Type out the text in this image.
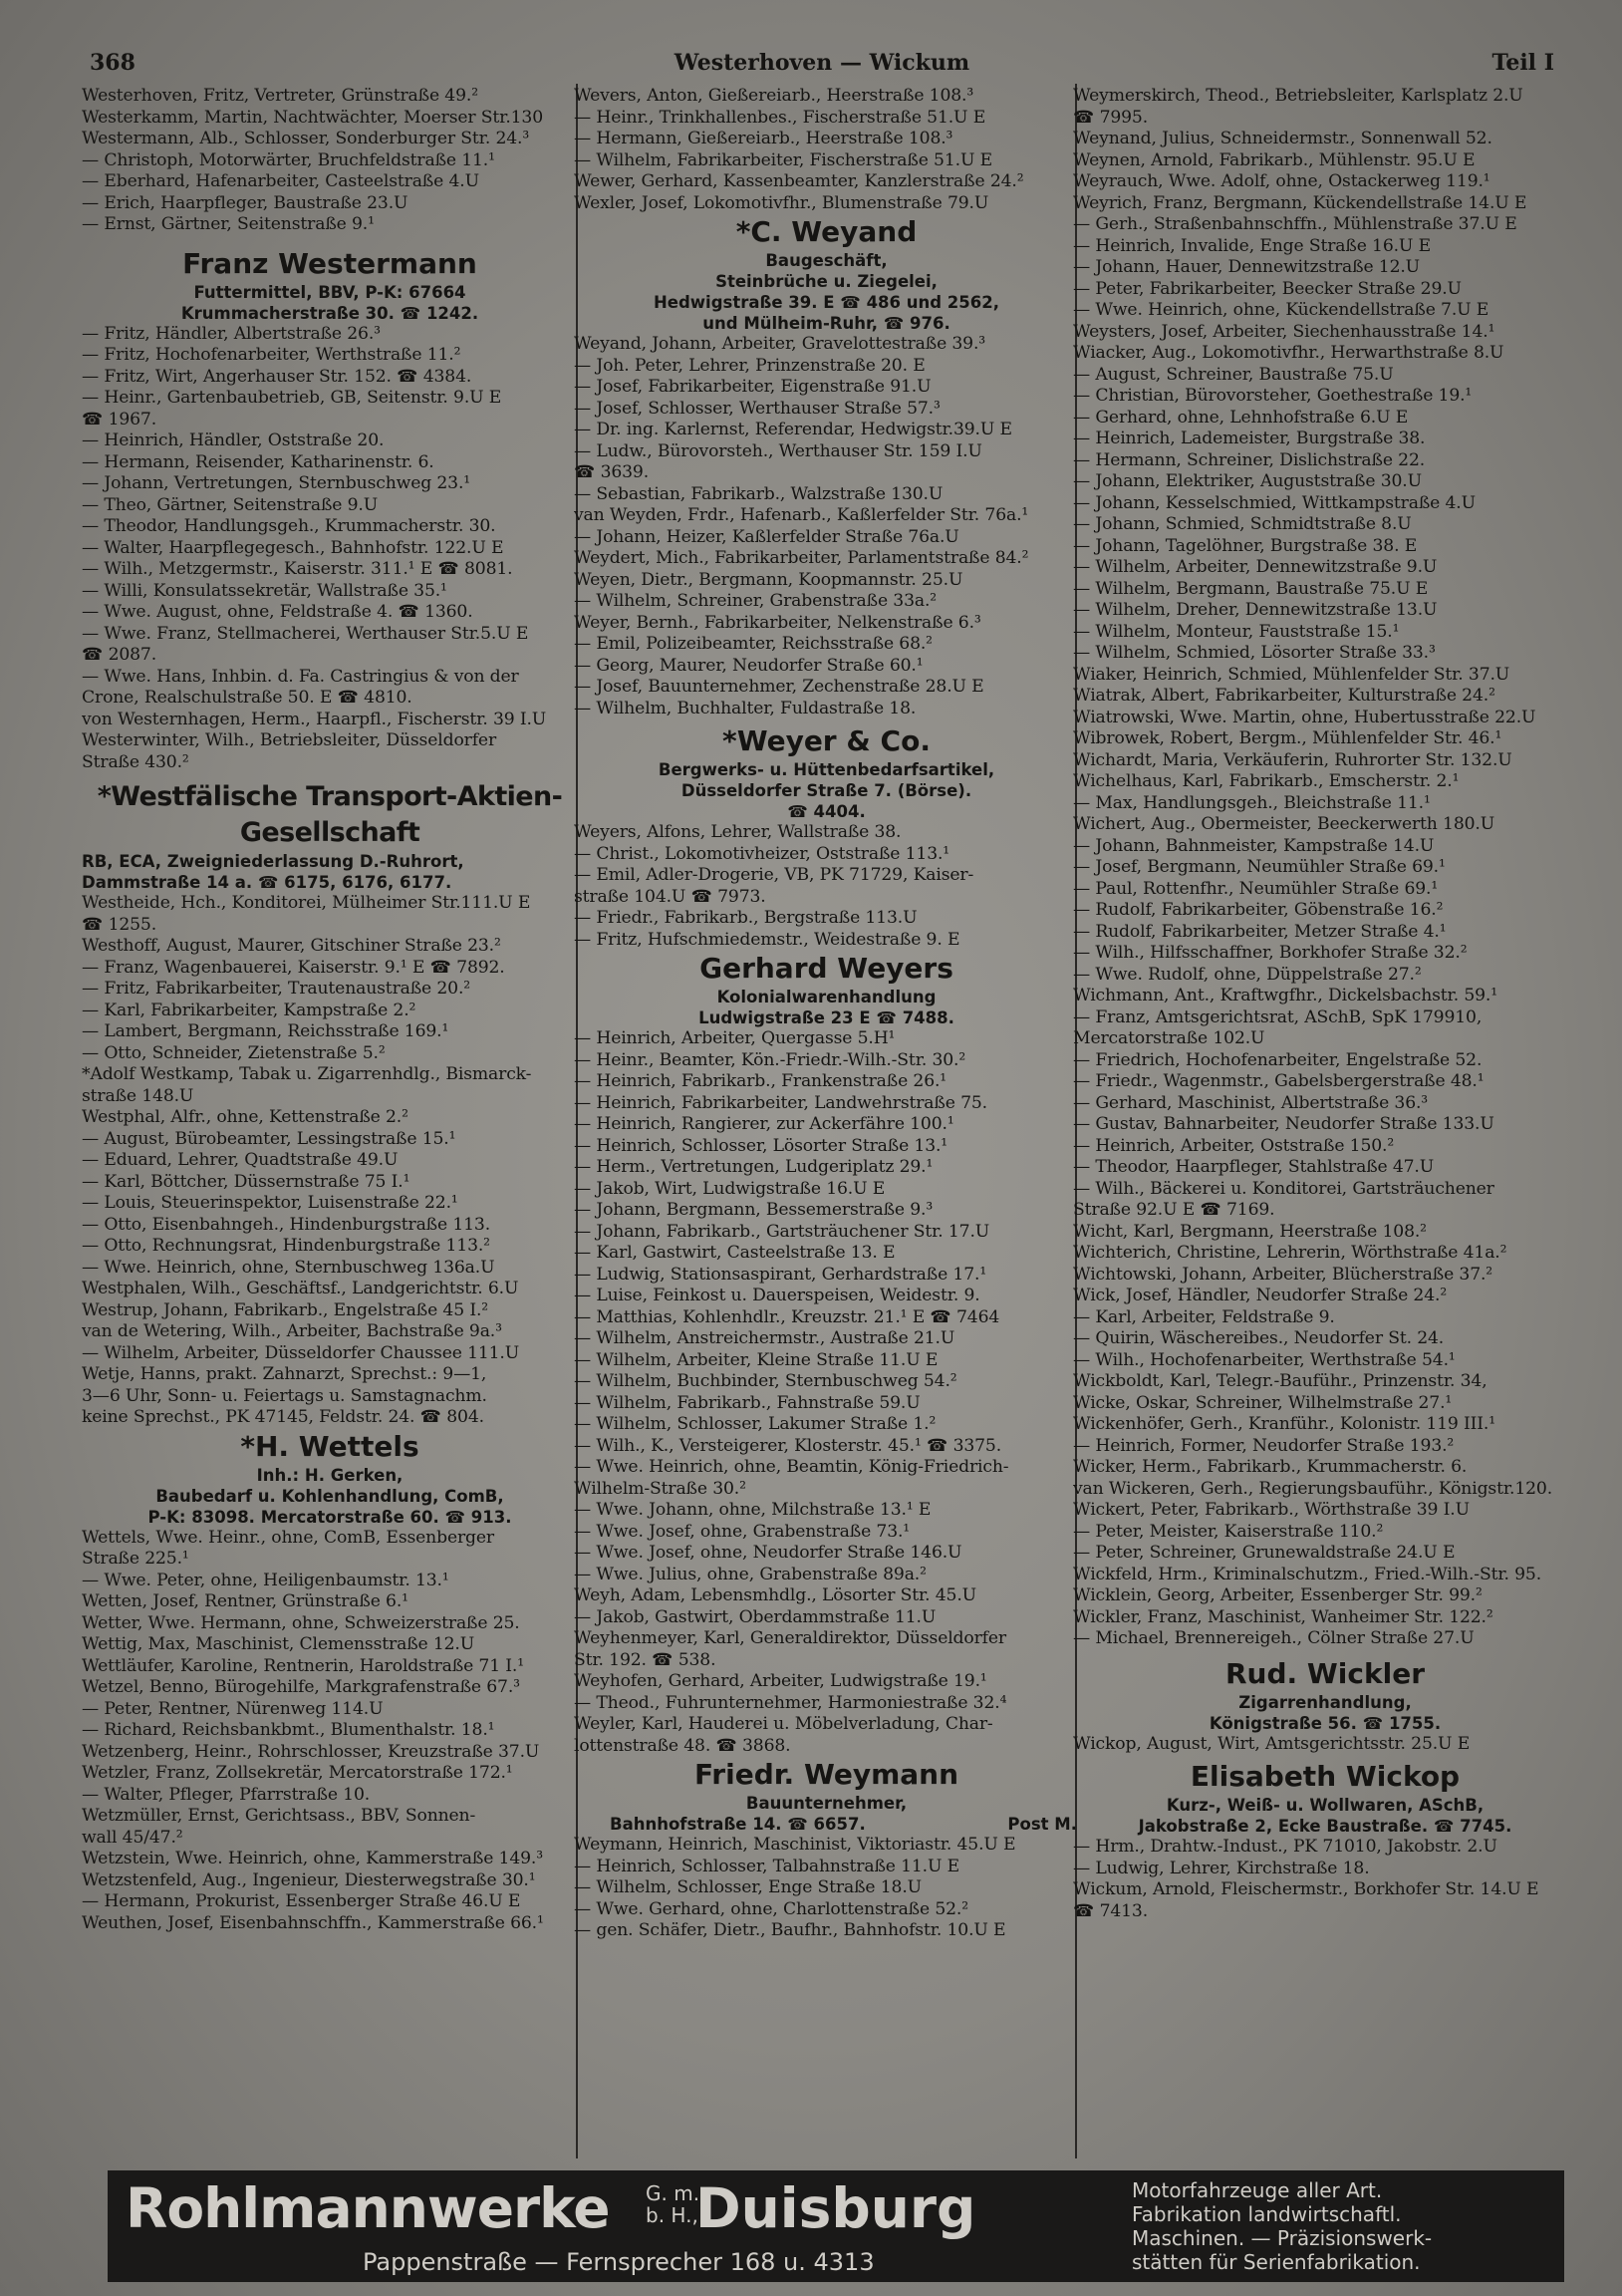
368	Westerhoven — Wickum	Teil I
Westerhoven, Fritz, Vertreter, Grünstraße 49.²
Westerkamm, Martin, Nachtwächter, Moerser Str.130
Westermann, Alb., Schlosser, Sonderburger Str. 24.³
— Christoph, Motorwärter, Bruchfeldstraße 11.¹
— Eberhard, Hafenarbeiter, Casteelstraße 4.U
— Erich, Haarpfleger, Baustraße 23.U
— Ernst, Gärtner, Seitenstraße 9.¹
Franz Westermann
Futtermittel, BBV, P-K: 67664
Krummacherstraße 30. ☎ 1242.
— Fritz, Händler, Albertstraße 26.³
— Fritz, Hochofenarbeiter, Werthstraße 11.²
— Fritz, Wirt, Angerhauser Str. 152. ☎ 4384.
— Heinr., Gartenbaubetrieb, GB, Seitenstr. 9.U E
☎ 1967.
— Heinrich, Händler, Oststraße 20.
— Hermann, Reisender, Katharinenstr. 6.
— Johann, Vertretungen, Sternbuschweg 23.¹
— Theo, Gärtner, Seitenstraße 9.U
— Theodor, Handlungsgeh., Krummacherstr. 30.
— Walter, Haarpflegegesch., Bahnhofstr. 122.U E
— Wilh., Metzgermstr., Kaiserstr. 311.¹ E ☎ 8081.
— Willi, Konsulatssekretär, Wallstraße 35.¹
— Wwe. August, ohne, Feldstraße 4. ☎ 1360.
— Wwe. Franz, Stellmacherei, Werthauser Str.5.U E
☎ 2087.
— Wwe. Hans, Inhbin. d. Fa. Castringius & von der
Crone, Realschulstraße 50. E ☎ 4810.
von Westernhagen, Herm., Haarpfl., Fischerstr. 39 I.U
Westerwinter, Wilh., Betriebsleiter, Düsseldorfer
Straße 430.²
*Westfälische Transport-Aktien-
Gesellschaft
RB, ECA, Zweigniederlassung D.-Ruhrort,
Dammstraße 14 a. ☎ 6175, 6176, 6177.
Westheide, Hch., Konditorei, Mülheimer Str.111.U E
☎ 1255.
Westhoff, August, Maurer, Gitschiner Straße 23.²
— Franz, Wagenbauerei, Kaiserstr. 9.¹ E ☎ 7892.
— Fritz, Fabrikarbeiter, Trautenaustraße 20.²
— Karl, Fabrikarbeiter, Kampstraße 2.²
— Lambert, Bergmann, Reichsstraße 169.¹
— Otto, Schneider, Zietenstraße 5.²
*Adolf Westkamp, Tabak u. Zigarrenhdlg., Bismarck-
straße 148.U
Westphal, Alfr., ohne, Kettenstraße 2.²
— August, Bürobeamter, Lessingstraße 15.¹
— Eduard, Lehrer, Quadtstraße 49.U
— Karl, Böttcher, Düssernstraße 75 I.¹
— Louis, Steuerinspektor, Luisenstraße 22.¹
— Otto, Eisenbahngeh., Hindenburgstraße 113.
— Otto, Rechnungsrat, Hindenburgstraße 113.²
— Wwe. Heinrich, ohne, Sternbuschweg 136a.U
Westphalen, Wilh., Geschäftsf., Landgerichtstr. 6.U
Westrup, Johann, Fabrikarb., Engelstraße 45 I.²
van de Wetering, Wilh., Arbeiter, Bachstraße 9a.³
— Wilhelm, Arbeiter, Düsseldorfer Chaussee 111.U
Wetje, Hanns, prakt. Zahnarzt, Sprechst.: 9—1,
3—6 Uhr, Sonn- u. Feiertags u. Samstagnachm.
keine Sprechst., PK 47145, Feldstr. 24. ☎ 804.
*H. Wettels
Inh.: H. Gerken,
Baubedarf u. Kohlenhandlung, ComB,
P-K: 83098. Mercatorstraße 60. ☎ 913.
Wettels, Wwe. Heinr., ohne, ComB, Essenberger
Straße 225.¹
— Wwe. Peter, ohne, Heiligenbaumstr. 13.¹
Wetten, Josef, Rentner, Grünstraße 6.¹
Wetter, Wwe. Hermann, ohne, Schweizerstraße 25.
Wettig, Max, Maschinist, Clemensstraße 12.U
Wettläufer, Karoline, Rentnerin, Haroldstraße 71 I.¹
Wetzel, Benno, Bürogehilfe, Markgrafenstraße 67.³
— Peter, Rentner, Nürenweg 114.U
— Richard, Reichsbankbmt., Blumenthalstr. 18.¹
Wetzenberg, Heinr., Rohrschlosser, Kreuzstraße 37.U
Wetzler, Franz, Zollsekretär, Mercatorstraße 172.¹
— Walter, Pfleger, Pfarrstraße 10.
Wetzmüller, Ernst, Gerichtsass., BBV, Sonnen-
wall 45/47.²
Wetzstein, Wwe. Heinrich, ohne, Kammerstraße 149.³
Wetzstenfeld, Aug., Ingenieur, Diesterwegstraße 30.¹
— Hermann, Prokurist, Essenberger Straße 46.U E
Weuthen, Josef, Eisenbahnschffn., Kammerstraße 66.¹
Wevers, Anton, Gießereiarb., Heerstraße 108.³
— Heinr., Trinkhallenbes., Fischerstraße 51.U E
— Hermann, Gießereiarb., Heerstraße 108.³
— Wilhelm, Fabrikarbeiter, Fischerstraße 51.U E
Wewer, Gerhard, Kassenbeamter, Kanzlerstraße 24.²
Wexler, Josef, Lokomotivfhr., Blumenstraße 79.U
*C. Weyand
Baugeschäft,
Steinbrüche u. Ziegelei,
Hedwigstraße 39. E ☎ 486 und 2562,
und Mülheim-Ruhr, ☎ 976.
Weyand, Johann, Arbeiter, Gravelottestraße 39.³
— Joh. Peter, Lehrer, Prinzenstraße 20. E
— Josef, Fabrikarbeiter, Eigenstraße 91.U
— Josef, Schlosser, Werthauser Straße 57.³
— Dr. ing. Karlernst, Referendar, Hedwigstr.39.U E
— Ludw., Bürovorsteh., Werthauser Str. 159 I.U
☎ 3639.
— Sebastian, Fabrikarb., Walzstraße 130.U
van Weyden, Frdr., Hafenarb., Kaßlerfelder Str. 76a.¹
— Johann, Heizer, Kaßlerfelder Straße 76a.U
Weydert, Mich., Fabrikarbeiter, Parlamentstraße 84.²
Weyen, Dietr., Bergmann, Koopmannstr. 25.U
— Wilhelm, Schreiner, Grabenstraße 33a.²
Weyer, Bernh., Fabrikarbeiter, Nelkenstraße 6.³
— Emil, Polizeibeamter, Reichsstraße 68.²
— Georg, Maurer, Neudorfer Straße 60.¹
— Josef, Bauunternehmer, Zechenstraße 28.U E
— Wilhelm, Buchhalter, Fuldastraße 18.
*Weyer & Co.
Bergwerks- u. Hüttenbedarfsartikel,
Düsseldorfer Straße 7. (Börse).
☎ 4404.
Weyers, Alfons, Lehrer, Wallstraße 38.
— Christ., Lokomotivheizer, Oststraße 113.¹
— Emil, Adler-Drogerie, VB, PK 71729, Kaiser-
straße 104.U ☎ 7973.
— Friedr., Fabrikarb., Bergstraße 113.U
— Fritz, Hufschmiedemstr., Weidestraße 9. E
Gerhard Weyers
Kolonialwarenhandlung
Ludwigstraße 23 E ☎ 7488.
— Heinrich, Arbeiter, Quergasse 5.H¹
— Heinr., Beamter, Kön.-Friedr.-Wilh.-Str. 30.²
— Heinrich, Fabrikarb., Frankenstraße 26.¹
— Heinrich, Fabrikarbeiter, Landwehrstraße 75.
— Heinrich, Rangierer, zur Ackerfähre 100.¹
— Heinrich, Schlosser, Lösorter Straße 13.¹
— Herm., Vertretungen, Ludgeriplatz 29.¹
— Jakob, Wirt, Ludwigstraße 16.U E
— Johann, Bergmann, Bessemerstraße 9.³
— Johann, Fabrikarb., Gartsträuchener Str. 17.U
— Karl, Gastwirt, Casteelstraße 13. E
— Ludwig, Stationsaspirant, Gerhardstraße 17.¹
— Luise, Feinkost u. Dauerspeisen, Weidestr. 9.
— Matthias, Kohlenhdlr., Kreuzstr. 21.¹ E ☎ 7464
— Wilhelm, Anstreichermstr., Austraße 21.U
— Wilhelm, Arbeiter, Kleine Straße 11.U E
— Wilhelm, Buchbinder, Sternbuschweg 54.²
— Wilhelm, Fabrikarb., Fahnstraße 59.U
— Wilhelm, Schlosser, Lakumer Straße 1.²
— Wilh., K., Versteigerer, Klosterstr. 45.¹ ☎ 3375.
— Wwe. Heinrich, ohne, Beamtin, König-Friedrich-
Wilhelm-Straße 30.²
— Wwe. Johann, ohne, Milchstraße 13.¹ E
— Wwe. Josef, ohne, Grabenstraße 73.¹
— Wwe. Josef, ohne, Neudorfer Straße 146.U
— Wwe. Julius, ohne, Grabenstraße 89a.²
Weyh, Adam, Lebensmhdlg., Lösorter Str. 45.U
— Jakob, Gastwirt, Oberdammstraße 11.U
Weyhenmeyer, Karl, Generaldirektor, Düsseldorfer
Str. 192. ☎ 538.
Weyhofen, Gerhard, Arbeiter, Ludwigstraße 19.¹
— Theod., Fuhrunternehmer, Harmoniestraße 32.⁴
Weyler, Karl, Hauderei u. Möbelverladung, Char-
lottenstraße 48. ☎ 3868.
Friedr. Weymann
Bauunternehmer,
Bahnhofstraße 14. ☎ 6657.	Post M.
Weymann, Heinrich, Maschinist, Viktoriastr. 45.U E
— Heinrich, Schlosser, Talbahnstraße 11.U E
— Wilhelm, Schlosser, Enge Straße 18.U
— Wwe. Gerhard, ohne, Charlottenstraße 52.²
— gen. Schäfer, Dietr., Baufhr., Bahnhofstr. 10.U E
Weymerskirch, Theod., Betriebsleiter, Karlsplatz 2.U
☎ 7995.
Weynand, Julius, Schneidermstr., Sonnenwall 52.
Weynen, Arnold, Fabrikarb., Mühlenstr. 95.U E
Weyrauch, Wwe. Adolf, ohne, Ostackerweg 119.¹
Weyrich, Franz, Bergmann, Kückendellstraße 14.U E
— Gerh., Straßenbahnschffn., Mühlenstraße 37.U E
— Heinrich, Invalide, Enge Straße 16.U E
— Johann, Hauer, Dennewitzstraße 12.U
— Peter, Fabrikarbeiter, Beecker Straße 29.U
— Wwe. Heinrich, ohne, Kückendellstraße 7.U E
Weysters, Josef, Arbeiter, Siechenhausstraße 14.¹
Wiacker, Aug., Lokomotivfhr., Herwarthstraße 8.U
— August, Schreiner, Baustraße 75.U
— Christian, Bürovorsteher, Goethestraße 19.¹
— Gerhard, ohne, Lehnhofstraße 6.U E
— Heinrich, Lademeister, Burgstraße 38.
— Hermann, Schreiner, Dislichstraße 22.
— Johann, Elektriker, Auguststraße 30.U
— Johann, Kesselschmied, Wittkampstraße 4.U
— Johann, Schmied, Schmidtstraße 8.U
— Johann, Tagelöhner, Burgstraße 38. E
— Wilhelm, Arbeiter, Dennewitzstraße 9.U
— Wilhelm, Bergmann, Baustraße 75.U E
— Wilhelm, Dreher, Dennewitzstraße 13.U
— Wilhelm, Monteur, Fauststraße 15.¹
— Wilhelm, Schmied, Lösorter Straße 33.³
Wiaker, Heinrich, Schmied, Mühlenfelder Str. 37.U
Wiatrak, Albert, Fabrikarbeiter, Kulturstraße 24.²
Wiatrowski, Wwe. Martin, ohne, Hubertusstraße 22.U
Wibrowek, Robert, Bergm., Mühlenfelder Str. 46.¹
Wichardt, Maria, Verkäuferin, Ruhrorter Str. 132.U
Wichelhaus, Karl, Fabrikarb., Emscherstr. 2.¹
— Max, Handlungsgeh., Bleichstraße 11.¹
Wichert, Aug., Obermeister, Beeckerwerth 180.U
— Johann, Bahnmeister, Kampstraße 14.U
— Josef, Bergmann, Neumühler Straße 69.¹
— Paul, Rottenfhr., Neumühler Straße 69.¹
— Rudolf, Fabrikarbeiter, Göbenstraße 16.²
— Rudolf, Fabrikarbeiter, Metzer Straße 4.¹
— Wilh., Hilfsschaffner, Borkhofer Straße 32.²
— Wwe. Rudolf, ohne, Düppelstraße 27.²
Wichmann, Ant., Kraftwgfhr., Dickelsbachstr. 59.¹
— Franz, Amtsgerichtsrat, ASchB, SpK 179910,
Mercatorstraße 102.U
— Friedrich, Hochofenarbeiter, Engelstraße 52.
— Friedr., Wagenmstr., Gabelsbergerstraße 48.¹
— Gerhard, Maschinist, Albertstraße 36.³
— Gustav, Bahnarbeiter, Neudorfer Straße 133.U
— Heinrich, Arbeiter, Oststraße 150.²
— Theodor, Haarpfleger, Stahlstraße 47.U
— Wilh., Bäckerei u. Konditorei, Gartsträuchener
Straße 92.U E ☎ 7169.
Wicht, Karl, Bergmann, Heerstraße 108.²
Wichterich, Christine, Lehrerin, Wörthstraße 41a.²
Wichtowski, Johann, Arbeiter, Blücherstraße 37.²
Wick, Josef, Händler, Neudorfer Straße 24.²
— Karl, Arbeiter, Feldstraße 9.
— Quirin, Wäschereibes., Neudorfer St. 24.
— Wilh., Hochofenarbeiter, Werthstraße 54.¹
Wickboldt, Karl, Telegr.-Bauführ., Prinzenstr. 34,
Wicke, Oskar, Schreiner, Wilhelmstraße 27.¹
Wickenhöfer, Gerh., Kranführ., Kolonistr. 119 III.¹
— Heinrich, Former, Neudorfer Straße 193.²
Wicker, Herm., Fabrikarb., Krummacherstr. 6.
van Wickeren, Gerh., Regierungsbauführ., Königstr.120.
Wickert, Peter, Fabrikarb., Wörthstraße 39 I.U
— Peter, Meister, Kaiserstraße 110.²
— Peter, Schreiner, Grunewaldstraße 24.U E
Wickfeld, Hrm., Kriminalschutzm., Fried.-Wilh.-Str. 95.
Wicklein, Georg, Arbeiter, Essenberger Str. 99.²
Wickler, Franz, Maschinist, Wanheimer Str. 122.²
— Michael, Brennereigeh., Cölner Straße 27.U
Rud. Wickler
Zigarrenhandlung,
Königstraße 56. ☎ 1755.
Wickop, August, Wirt, Amtsgerichtsstr. 25.U E
Elisabeth Wickop
Kurz-, Weiß- u. Wollwaren, ASchB,
Jakobstraße 2, Ecke Baustraße. ☎ 7745.
— Hrm., Drahtw.-Indust., PK 71010, Jakobstr. 2.U
— Ludwig, Lehrer, Kirchstraße 18.
Wickum, Arnold, Fleischermstr., Borkhofer Str. 14.U E
☎ 7413.
Rohlmannwerke G. m.
b. H.,
Duisburg
Pappenstraße — Fernsprecher 168 u. 4313
Motorfahrzeuge aller Art.
Fabrikation landwirtschaftl.
Maschinen. — Präzisionswerk-
stätten für Serienfabrikation.
